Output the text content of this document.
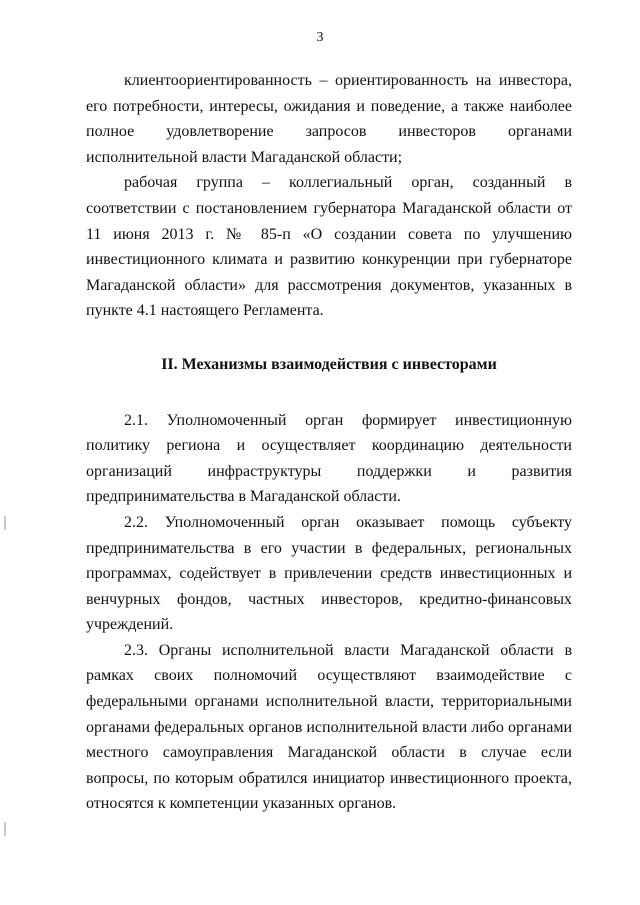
3

клиентоориентированность – ориентированность на инвестора, его потребности, интересы, ожидания и поведение, а также наиболее полное удовлетворение запросов инвесторов органами исполнительной власти Магаданской области;

рабочая группа – коллегиальный орган, созданный в соответствии с постановлением губернатора Магаданской области от 11 июня 2013 г. № 85-п «О создании совета по улучшению инвестиционного климата и развитию конкуренции при губернаторе Магаданской области» для рассмотрения документов, указанных в пункте 4.1 настоящего Регламента.

II. Механизмы взаимодействия с инвесторами

2.1. Уполномоченный орган формирует инвестиционную политику региона и осуществляет координацию деятельности организаций инфраструктуры поддержки и развития предпринимательства в Магаданской области.

2.2. Уполномоченный орган оказывает помощь субъекту предпринимательства в его участии в федеральных, региональных программах, содействует в привлечении средств инвестиционных и венчурных фондов, частных инвесторов, кредитно-финансовых учреждений.

2.3. Органы исполнительной власти Магаданской области в рамках своих полномочий осуществляют взаимодействие с федеральными органами исполнительной власти, территориальными органами федеральных органов исполнительной власти либо органами местного самоуправления Магаданской области в случае если вопросы, по которым обратился инициатор инвестиционного проекта, относятся к компетенции указанных органов.
